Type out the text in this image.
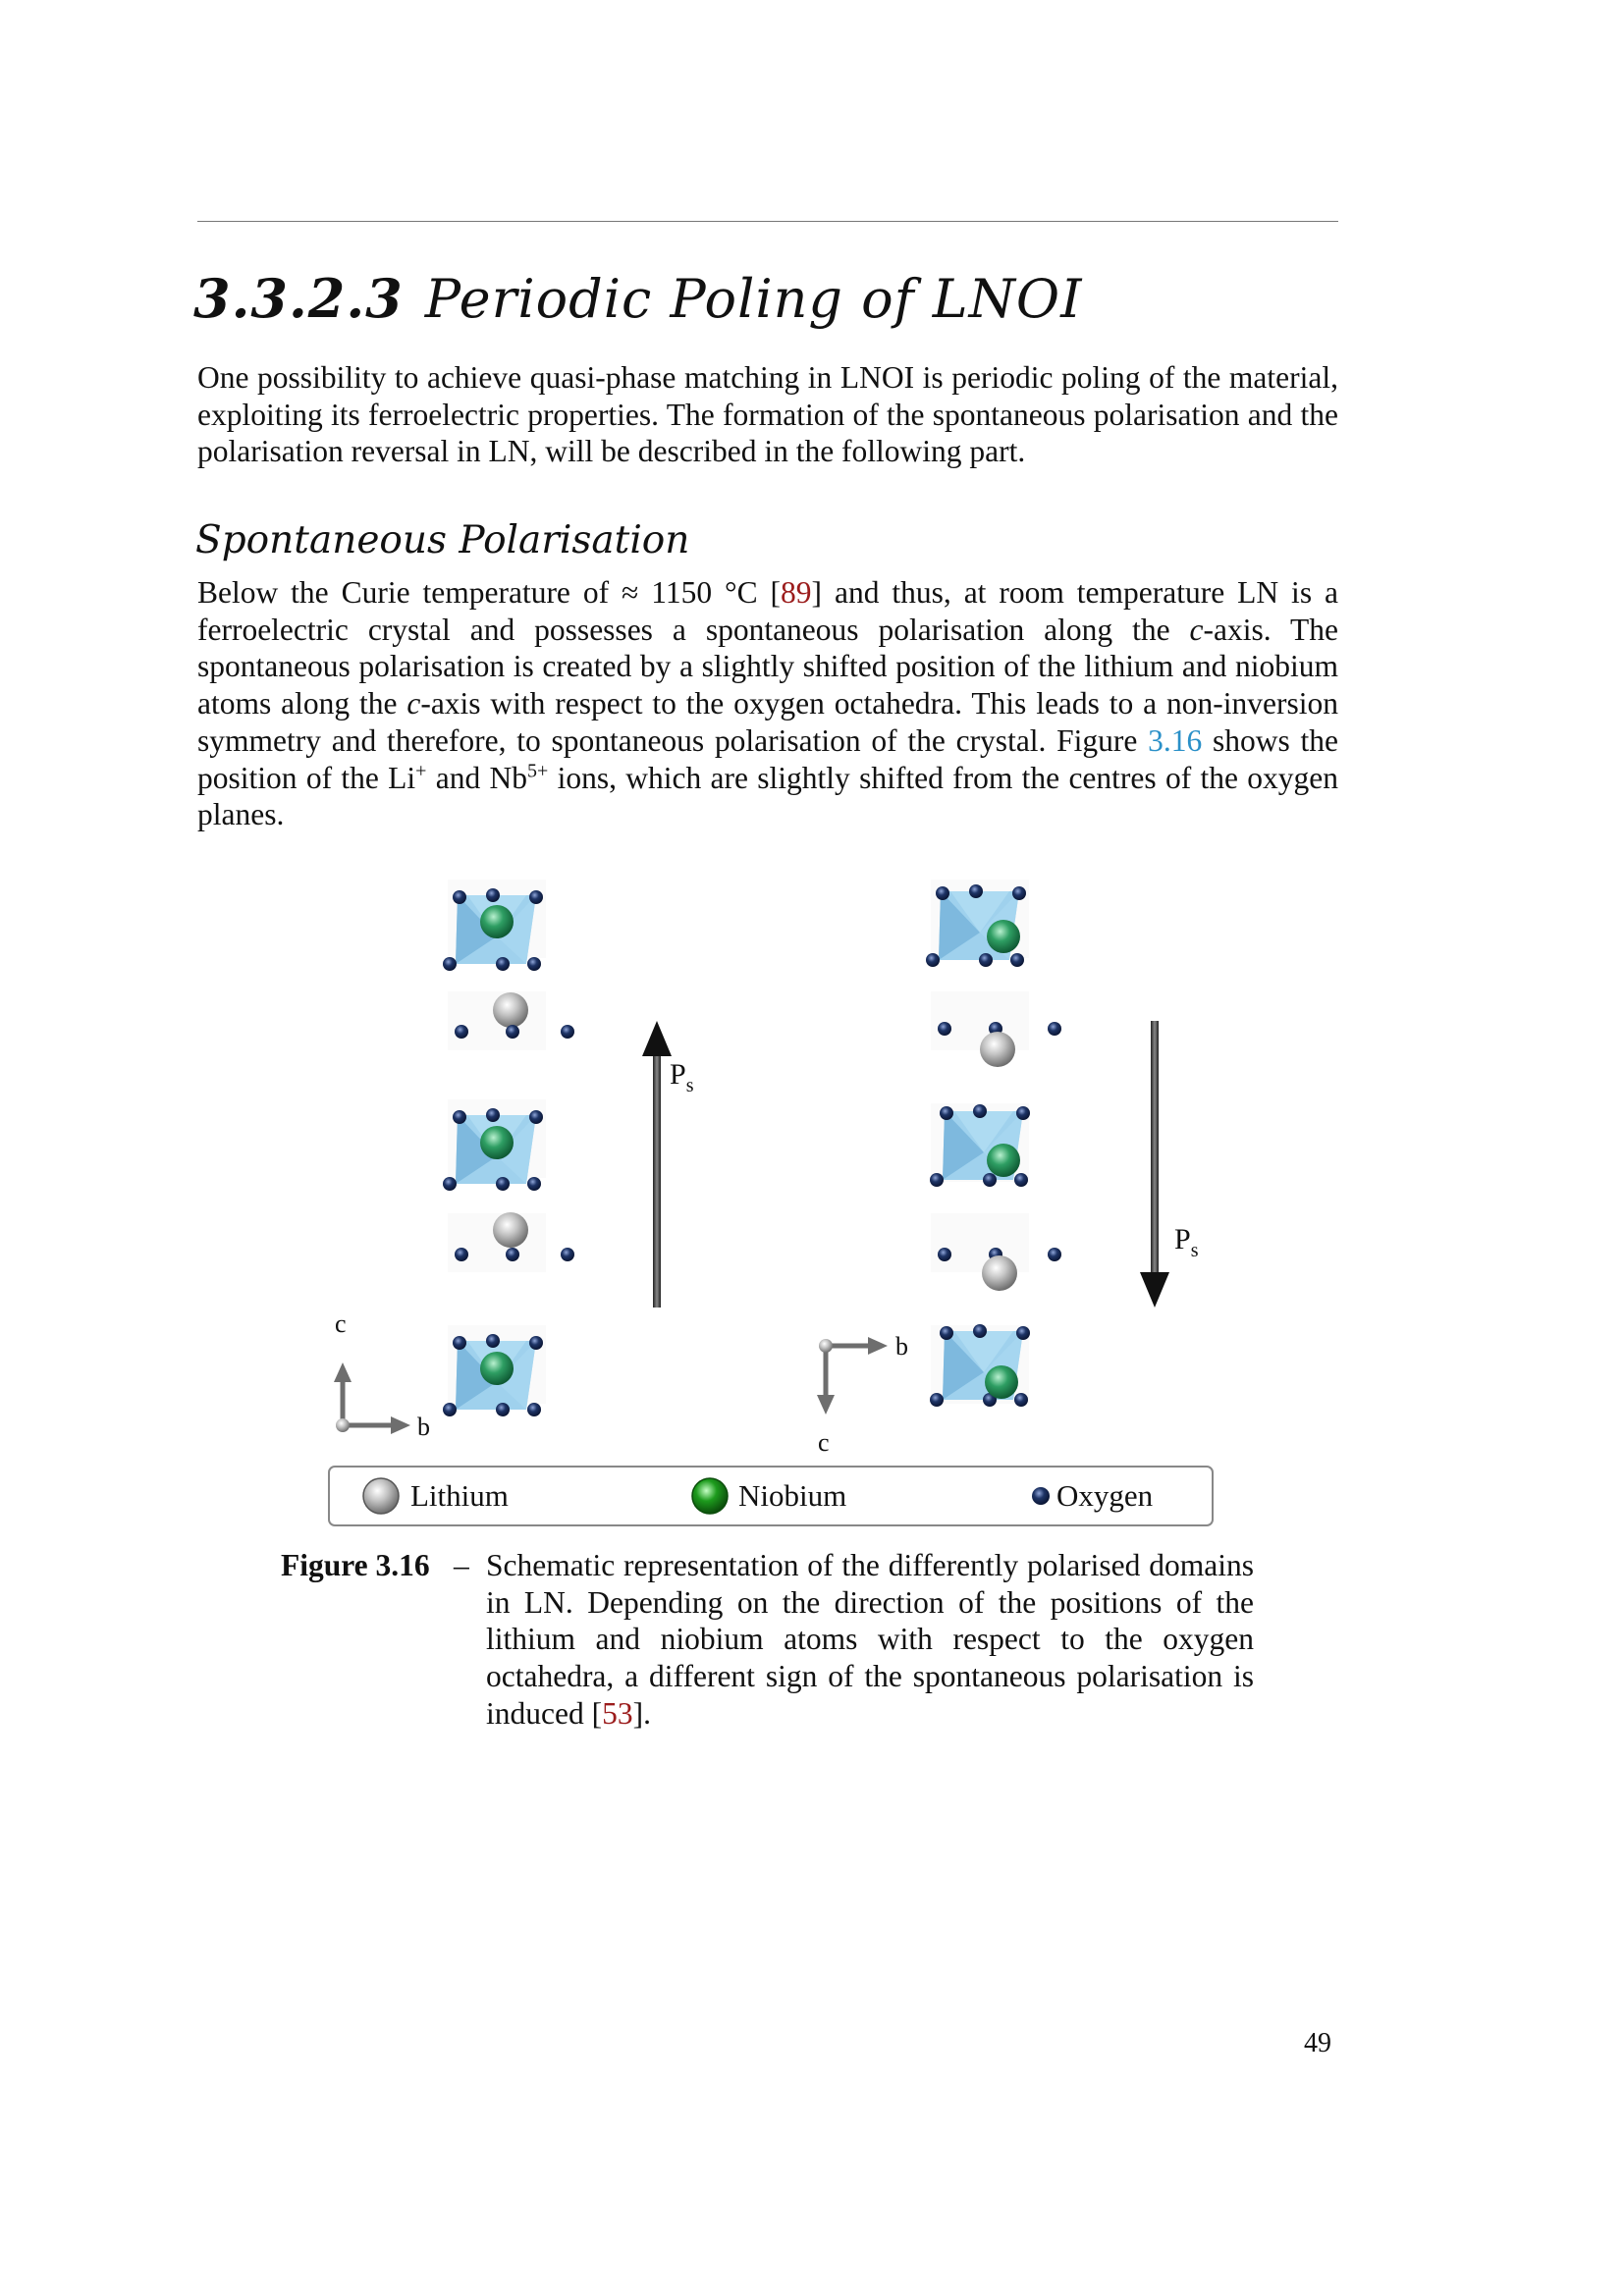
3.3.2.3 Periodic Poling of LNOI
One possibility to achieve quasi-phase matching in LNOI is periodic poling of the material, exploiting its ferroelectric properties. The formation of the spontaneous polarisation and the polarisation reversal in LN, will be described in the following part.
Spontaneous Polarisation
Below the Curie temperature of ≈ 1150 °C [89] and thus, at room temperature LN is a ferroelectric crystal and possesses a spontaneous polarisation along the c-axis. The spontaneous polarisation is created by a slightly shifted position of the lithium and niobium atoms along the c-axis with respect to the oxygen octahedra. This leads to a non-inversion symmetry and therefore, to spontaneous polarisation of the crystal. Figure 3.16 shows the position of the Li+ and $Nb^{5+}$ ions, which are slightly shifted from the centres of the oxygen planes.
$P_s$
c
b
$P_s$
b
c
Lithium	Niobium	Oxygen
Figure 3.16 – Schematic representation of the differently polarised domains in LN. Depending on the direction of the positions of the lithium and niobium atoms with respect to the oxygen octahedra, a different sign of the spontaneous polarisation is induced [53].
49
